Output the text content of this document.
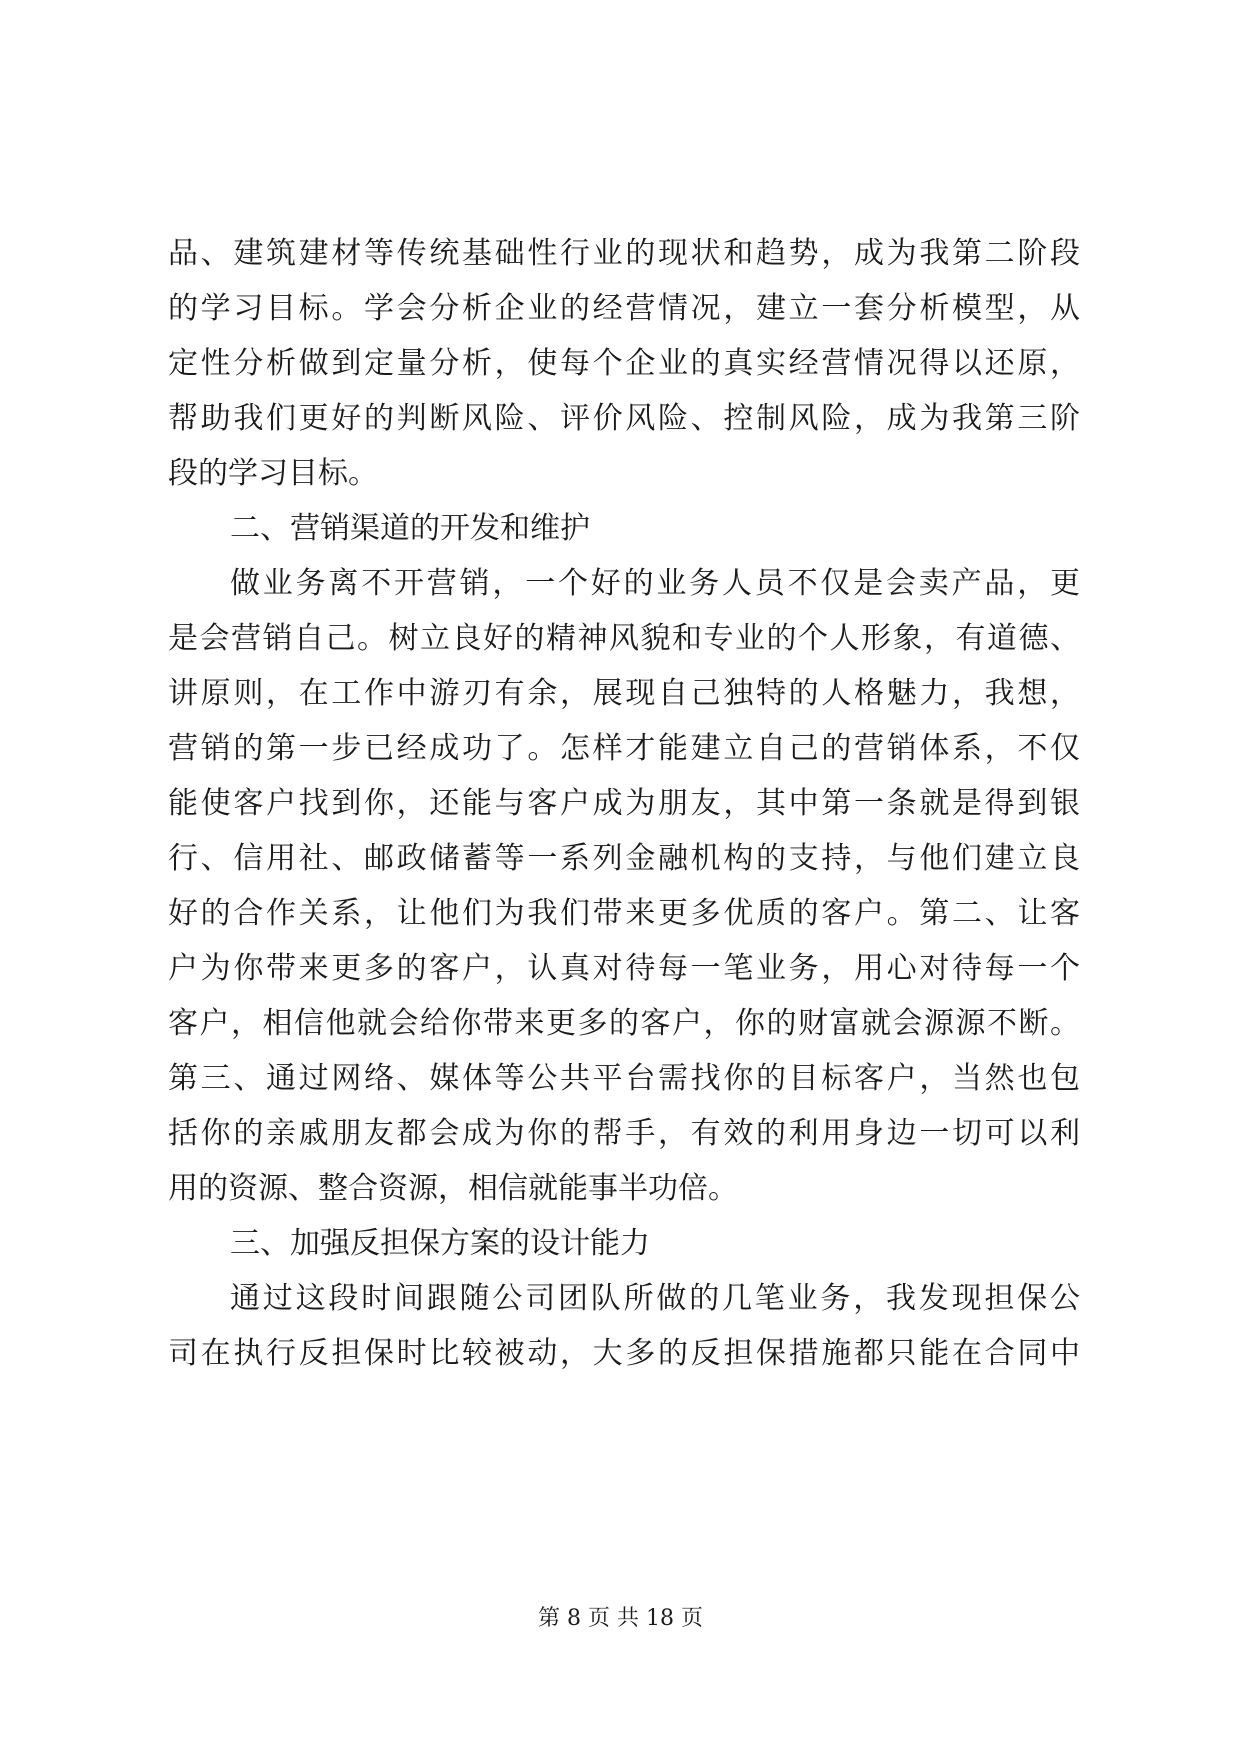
品、建筑建材等传统基础性行业的现状和趋势，成为我第二阶段
的学习目标。学会分析企业的经营情况，建立一套分析模型，从
定性分析做到定量分析，使每个企业的真实经营情况得以还原，
帮助我们更好的判断风险、评价风险、控制风险，成为我第三阶
段的学习目标。
二、营销渠道的开发和维护
做业务离不开营销，一个好的业务人员不仅是会卖产品，更
是会营销自己。树立良好的精神风貌和专业的个人形象，有道德、
讲原则，在工作中游刃有余，展现自己独特的人格魅力，我想，
营销的第一步已经成功了。怎样才能建立自己的营销体系，不仅
能使客户找到你，还能与客户成为朋友，其中第一条就是得到银
行、信用社、邮政储蓄等一系列金融机构的支持，与他们建立良
好的合作关系，让他们为我们带来更多优质的客户。第二、让客
户为你带来更多的客户，认真对待每一笔业务，用心对待每一个
客户，相信他就会给你带来更多的客户，你的财富就会源源不断。
第三、通过网络、媒体等公共平台需找你的目标客户，当然也包
括你的亲戚朋友都会成为你的帮手，有效的利用身边一切可以利
用的资源、整合资源，相信就能事半功倍。
三、加强反担保方案的设计能力
通过这段时间跟随公司团队所做的几笔业务，我发现担保公
司在执行反担保时比较被动，大多的反担保措施都只能在合同中
第 8 页 共 18 页
